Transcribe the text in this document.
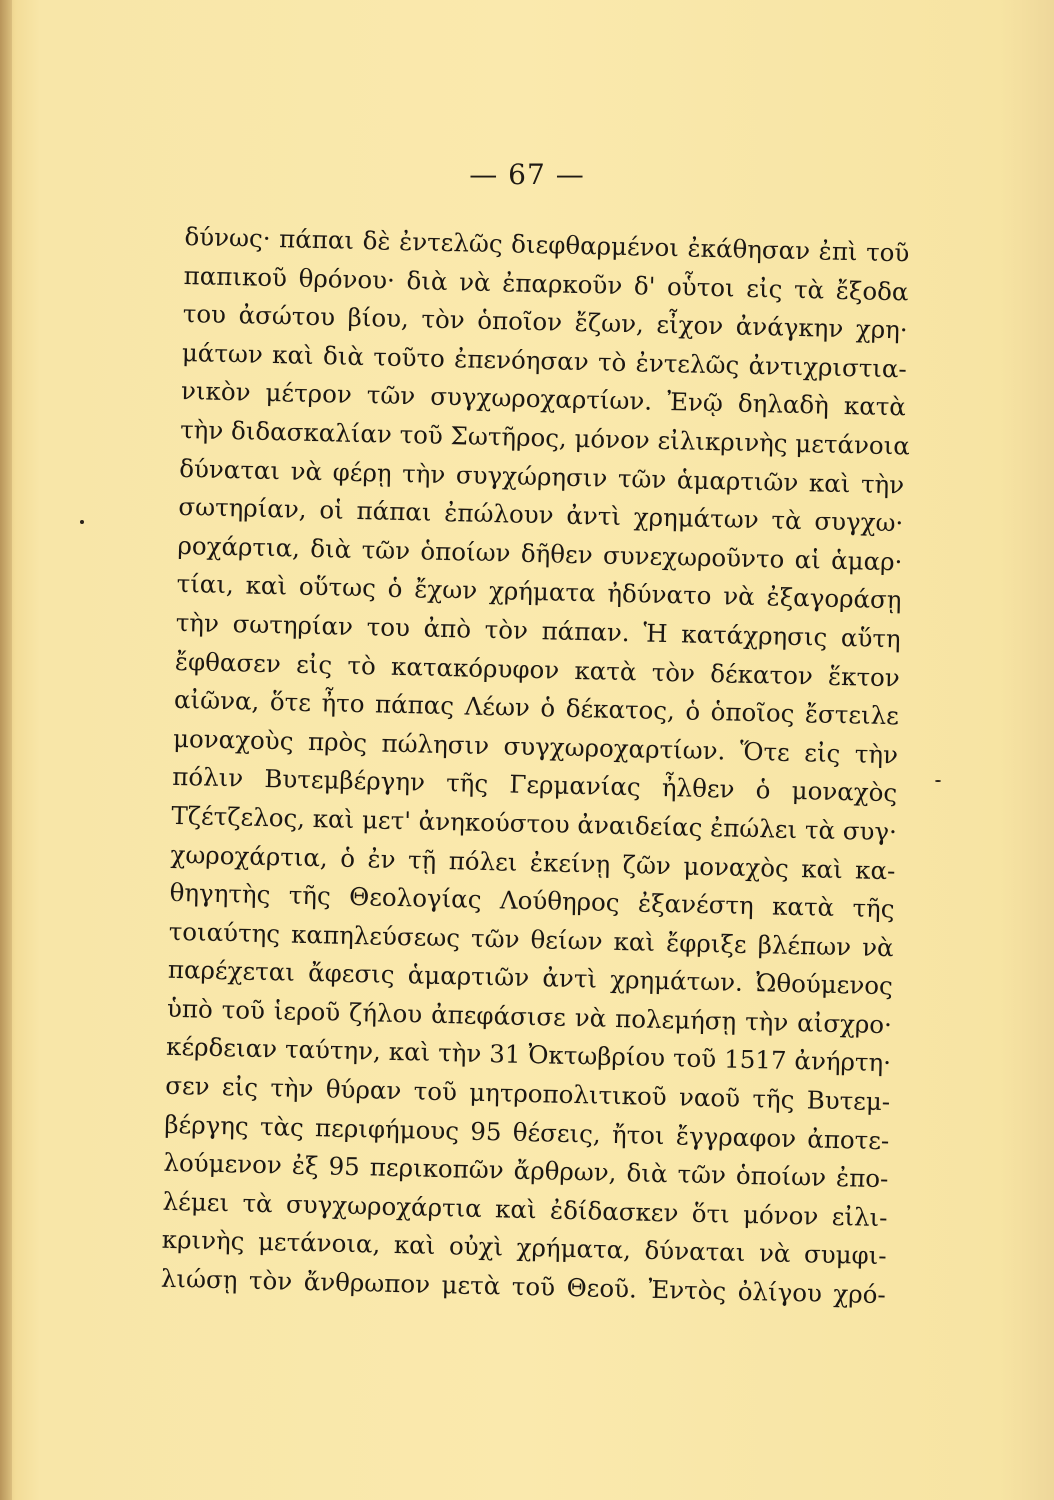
— 67 —
δύνως· πάπαι δὲ ἐντελῶς διεφθαρμένοι ἐκάθησαν ἐπὶ τοῦ
παπικοῦ θρόνου· διὰ νὰ ἐπαρκοῦν δ' οὗτοι εἰς τὰ ἔξοδα
του ἀσώτου βίου, τὸν ὁποῖον ἔζων, εἶχον ἀνάγκην χρη·
μάτων καὶ διὰ τοῦτο ἐπενόησαν τὸ ἐντελῶς ἀντιχριστια-
νικὸν μέτρον τῶν συγχωροχαρτίων. Ἐνῷ δηλαδὴ κατὰ
τὴν διδασκαλίαν τοῦ Σωτῆρος, μόνον εἰλικρινὴς μετάνοια
δύναται νὰ φέρῃ τὴν συγχώρησιν τῶν ἁμαρτιῶν καὶ τὴν
σωτηρίαν, οἱ πάπαι ἐπώλουν ἀντὶ χρημάτων τὰ συγχω·
ροχάρτια, διὰ τῶν ὁποίων δῆθεν συνεχωροῦντο αἱ ἁμαρ·
τίαι, καὶ οὕτως ὁ ἔχων χρήματα ἠδύνατο νὰ ἐξαγοράσῃ
τὴν σωτηρίαν του ἀπὸ τὸν πάπαν. Ἡ κατάχρησις αὕτη
ἔφθασεν εἰς τὸ κατακόρυφον κατὰ τὸν δέκατον ἕκτον
αἰῶνα, ὅτε ἦτο πάπας Λέων ὁ δέκατος, ὁ ὁποῖος ἔστειλε
μοναχοὺς πρὸς πώλησιν συγχωροχαρτίων. Ὅτε εἰς τὴν
πόλιν Βυτεμβέργην τῆς Γερμανίας ἦλθεν ὁ μοναχὸς
Τζέτζελος, καὶ μετ' ἀνηκούστου ἀναιδείας ἐπώλει τὰ συγ·
χωροχάρτια, ὁ ἐν τῇ πόλει ἐκείνῃ ζῶν μοναχὸς καὶ κα-
θηγητὴς τῆς Θεολογίας Λούθηρος ἐξανέστη κατὰ τῆς
τοιαύτης καπηλεύσεως τῶν θείων καὶ ἔφριξε βλέπων νὰ
παρέχεται ἄφεσις ἁμαρτιῶν ἀντὶ χρημάτων. Ὠθούμενος
ὑπὸ τοῦ ἱεροῦ ζήλου ἀπεφάσισε νὰ πολεμήσῃ τὴν αἰσχρο·
κέρδειαν ταύτην, καὶ τὴν 31 Ὀκτωβρίου τοῦ 1517 ἀνήρτη·
σεν εἰς τὴν θύραν τοῦ μητροπολιτικοῦ ναοῦ τῆς Βυτεμ-
βέργης τὰς περιφήμους 95 θέσεις, ἤτοι ἔγγραφον ἀποτε-
λούμενον ἐξ 95 περικοπῶν ἄρθρων, διὰ τῶν ὁποίων ἐπο-
λέμει τὰ συγχωροχάρτια καὶ ἐδίδασκεν ὅτι μόνον εἰλι-
κρινὴς μετάνοια, καὶ οὐχὶ χρήματα, δύναται νὰ συμφι-
λιώσῃ τὸν ἄνθρωπον μετὰ τοῦ Θεοῦ. Ἐντὸς ὀλίγου χρό-
